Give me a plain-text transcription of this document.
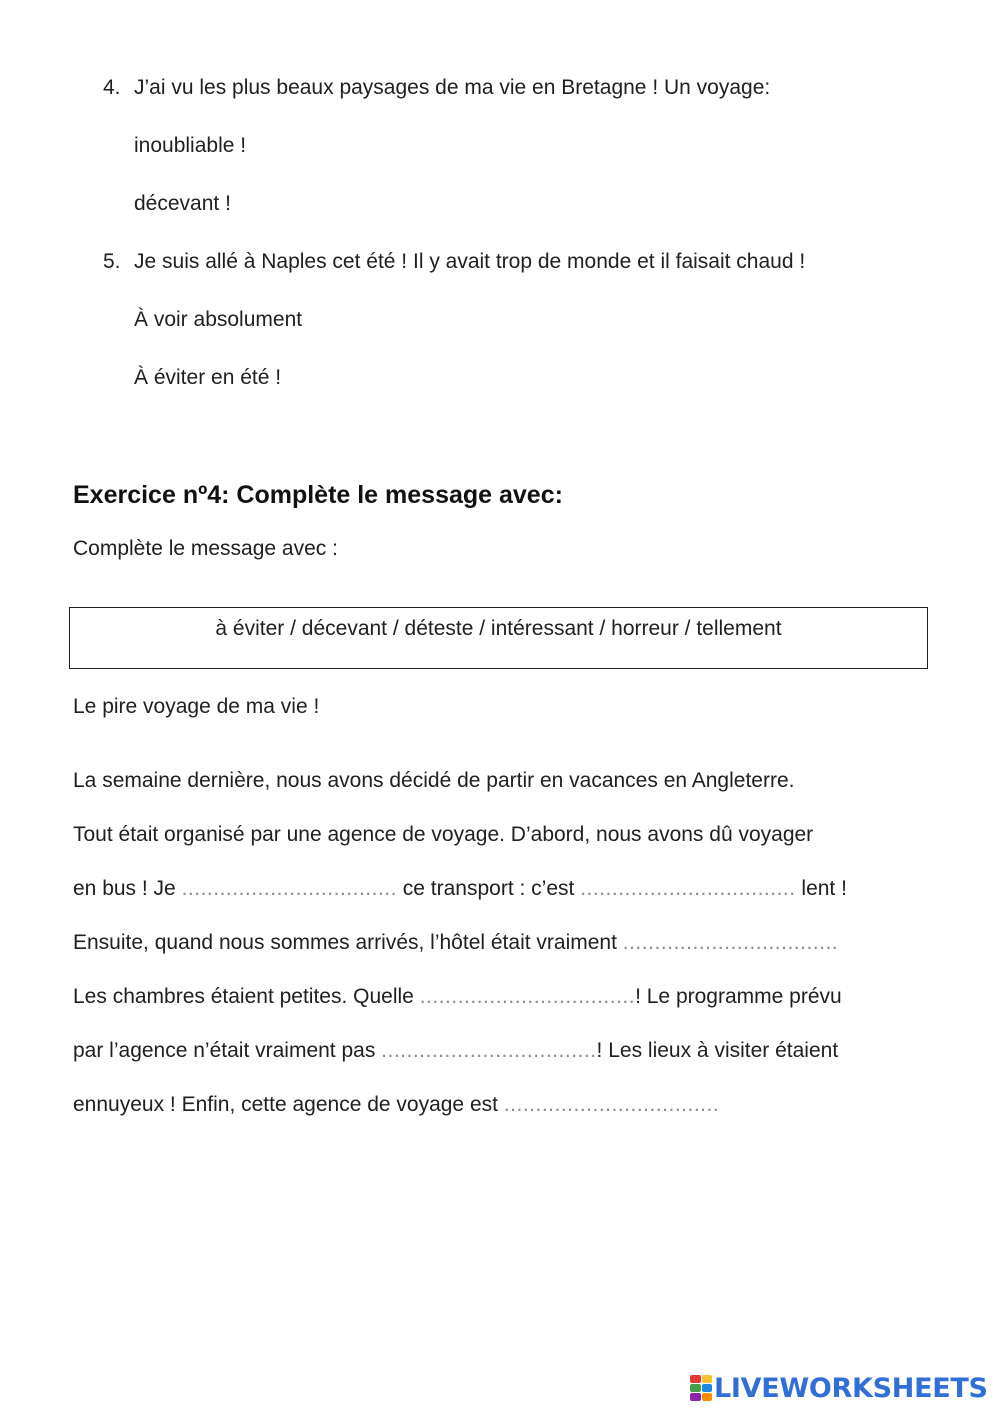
4. J’ai vu les plus beaux paysages de ma vie en Bretagne ! Un voyage:
inoubliable !
décevant !
5. Je suis allé à Naples cet été ! Il y avait trop de monde et il faisait chaud !
À voir absolument
À éviter en été !
Exercice nº4: Complète le message avec:
Complète le message avec :
à éviter / décevant / déteste / intéressant / horreur / tellement
Le pire voyage de ma vie !
La semaine dernière, nous avons décidé de partir en vacances en Angleterre.
Tout était organisé par une agence de voyage. D’abord, nous avons dû voyager
en bus ! Je .................................. ce transport : c’est .................................. lent !
Ensuite, quand nous sommes arrivés, l’hôtel était vraiment ..................................
Les chambres étaient petites. Quelle ..................................! Le programme prévu
par l’agence n’était vraiment pas ..................................! Les lieux à visiter étaient
ennuyeux ! Enfin, cette agence de voyage est ..................................
LIVEWORKSHEETS
